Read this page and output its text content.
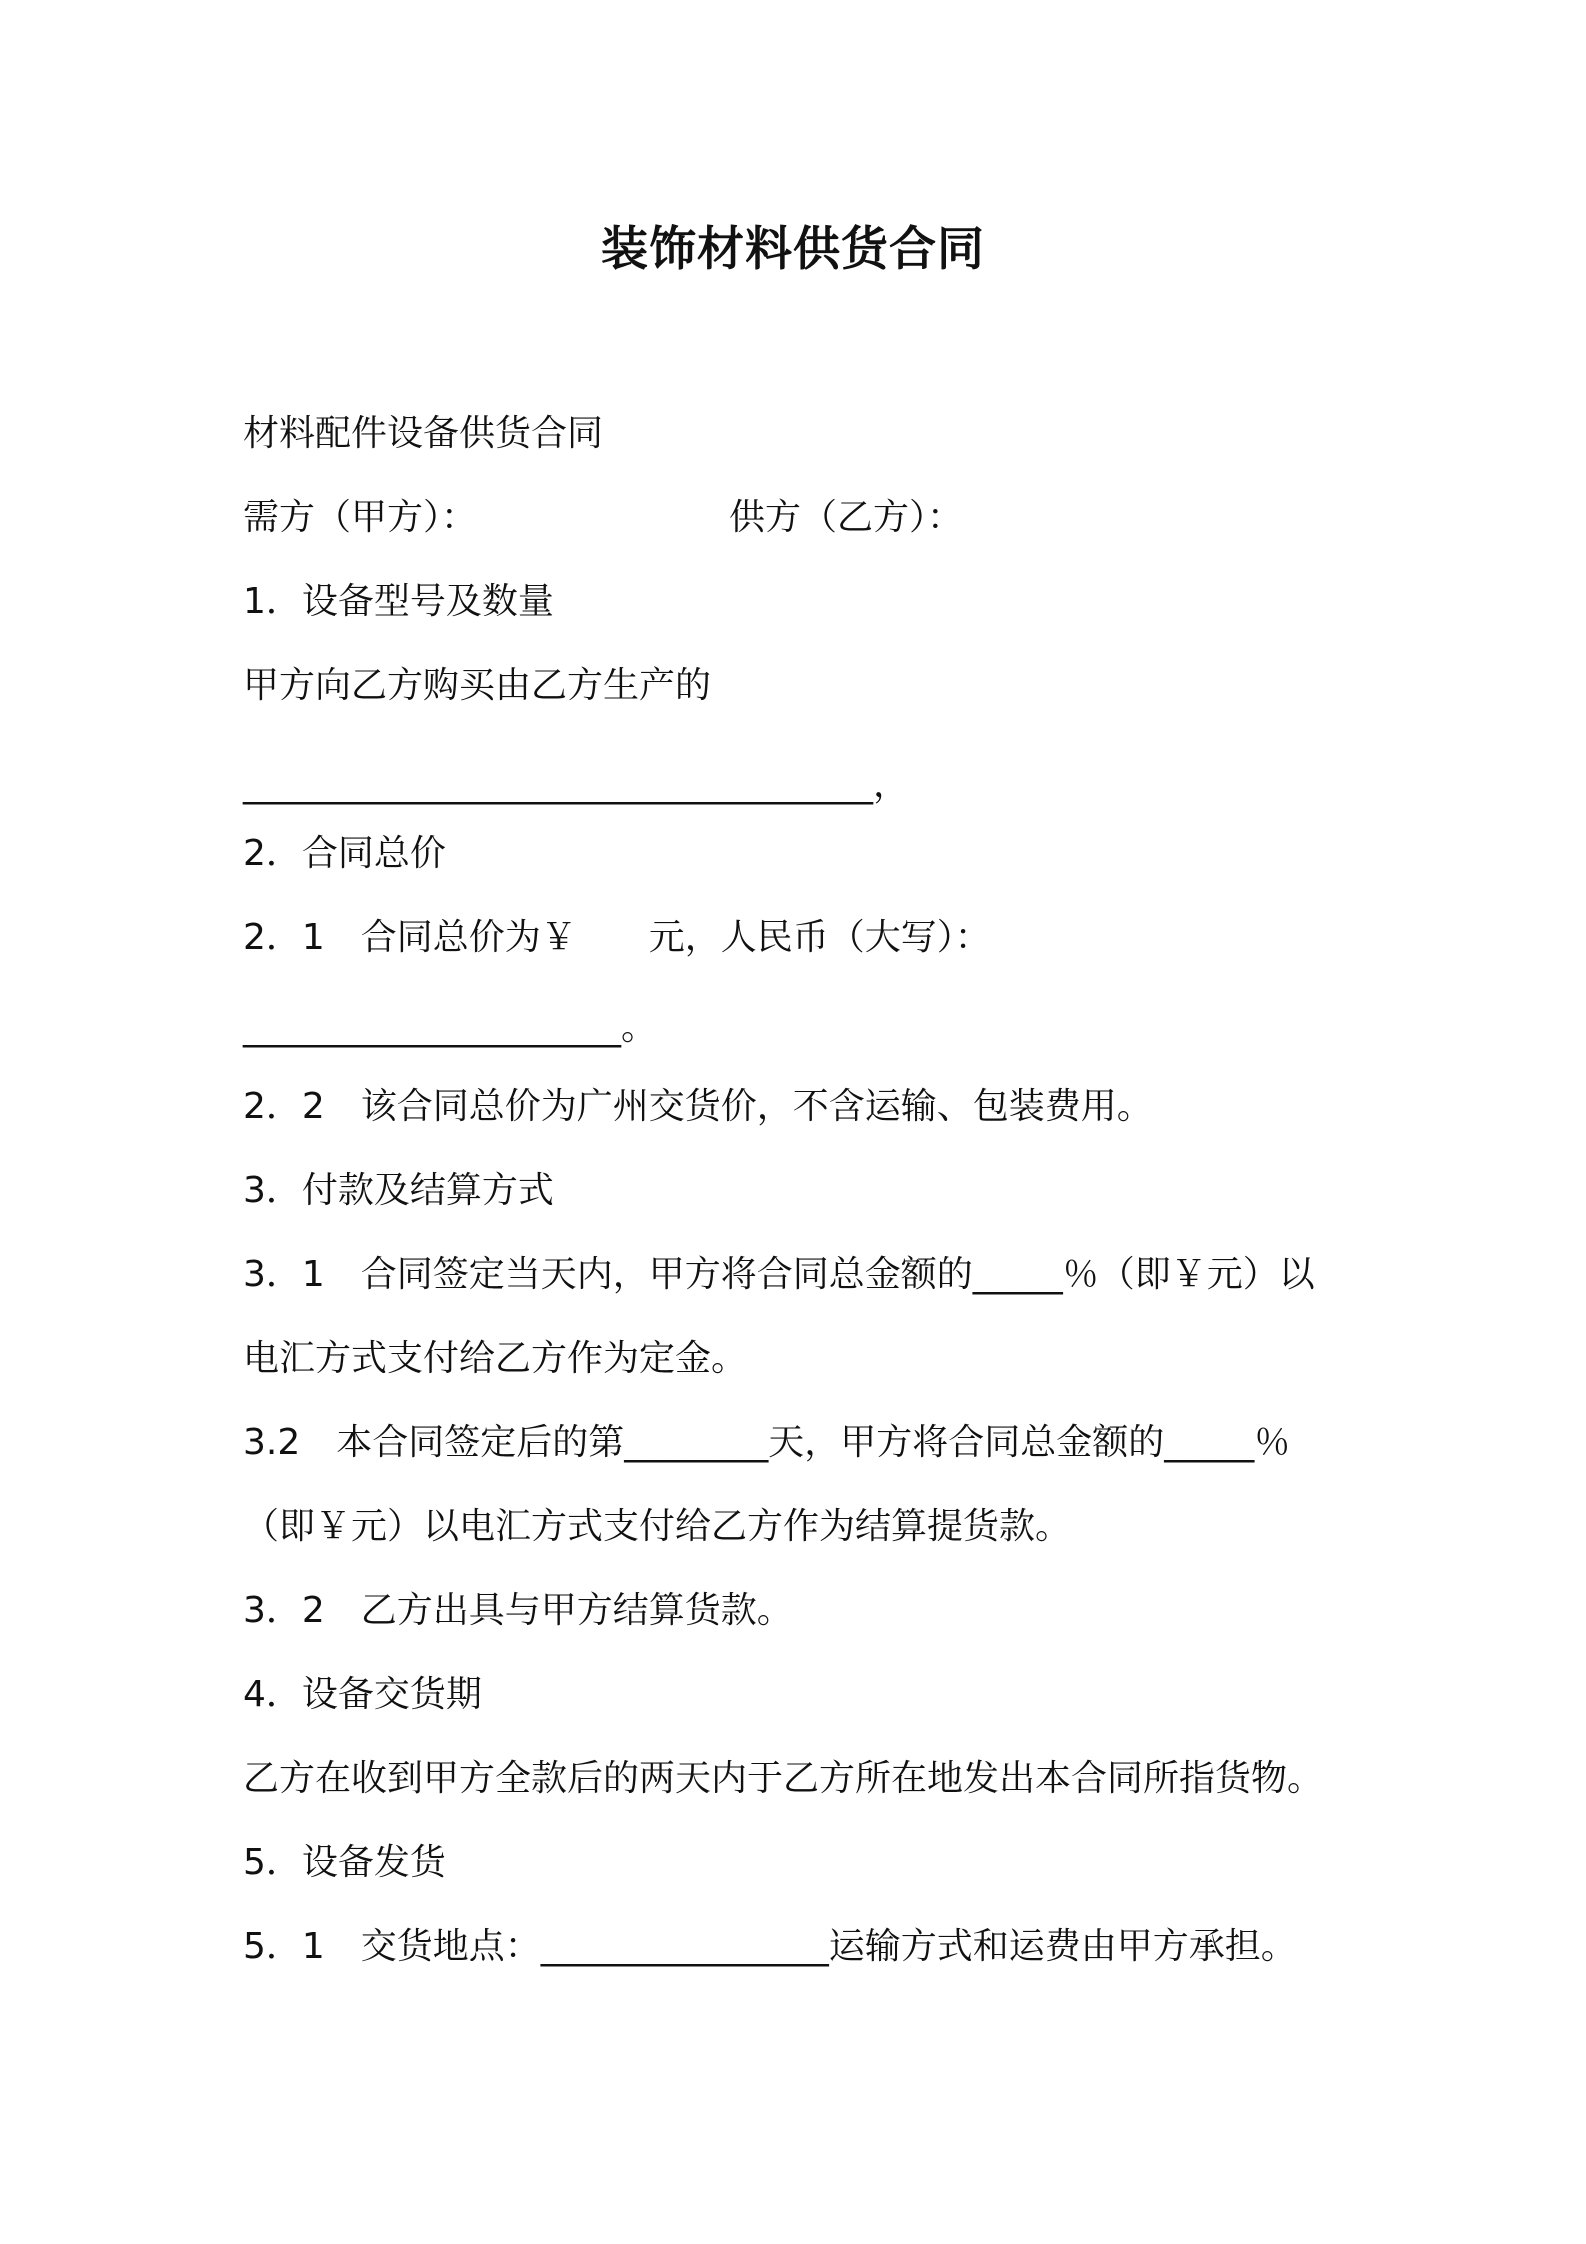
装饰材料供货合同
材料配件设备供货合同
需方（甲方）：	供方（乙方）：
1．设备型号及数量
甲方向乙方购买由乙方生产的
___________________________________，
2．合同总价
2．1　合同总价为￥　　元，人民币（大写）：
_____________________。
2．2　该合同总价为广州交货价，不含运输、包装费用。
3．付款及结算方式
3．1　合同签定当天内，甲方将合同总金额的_____％（即￥元）以
电汇方式支付给乙方作为定金。
3.2　本合同签定后的第________天，甲方将合同总金额的_____％
（即￥元）以电汇方式支付给乙方作为结算提货款。
3．2　乙方出具与甲方结算货款。
4．设备交货期
乙方在收到甲方全款后的两天内于乙方所在地发出本合同所指货物。
5．设备发货
5．1　交货地点：________________运输方式和运费由甲方承担。
